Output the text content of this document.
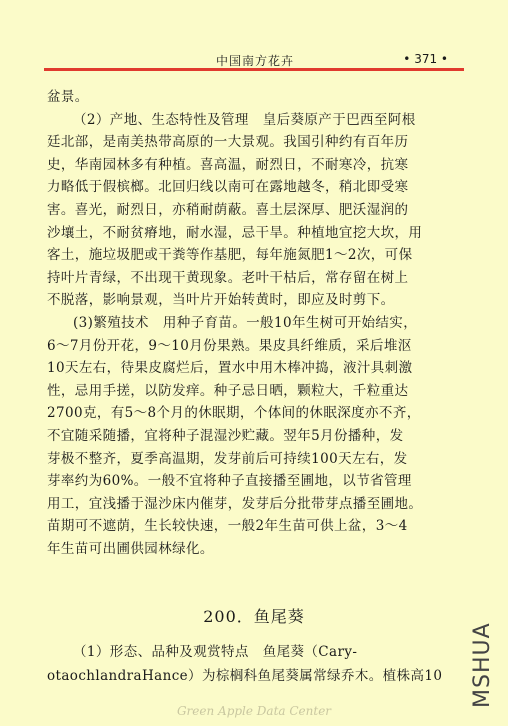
中国南方花卉	• 371 •

盆景。

（2）产地、生态特性及管理　皇后葵原产于巴西至阿根

廷北部，是南美热带高原的一大景观。我国引种约有百年历

史，华南园林多有种植。喜高温，耐烈日，不耐寒冷，抗寒

力略低于假槟榔。北回归线以南可在露地越冬，稍北即受寒

害。喜光，耐烈日，亦稍耐荫蔽。喜土层深厚、肥沃湿润的

沙壤土，不耐贫瘠地，耐水湿，忌干旱。种植地宜挖大坎，用

客土，施垃圾肥或干粪等作基肥，每年施氮肥1～2次，可保

持叶片青绿，不出现干黄现象。老叶干枯后，常存留在树上

不脱落，影响景观，当叶片开始转黄时，即应及时剪下。

(3)繁殖技术　用种子育苗。一般10年生树可开始结实，

6～7月份开花，9～10月份果熟。果皮具纤维质，采后堆沤

10天左右，待果皮腐烂后，置水中用木棒冲捣，液汁具刺激

性，忌用手搓，以防发痒。种子忌日晒，颗粒大，千粒重达

2700克，有5～8个月的休眠期，个体间的休眠深度亦不齐，

不宜随采随播，宜将种子混湿沙贮藏。翌年5月份播种，发

芽极不整齐，夏季高温期，发芽前后可持续100天左右，发

芽率约为60%。一般不宜将种子直接播至圃地，以节省管理

用工，宜浅播于湿沙床内催芽，发芽后分批带芽点播至圃地。

苗期可不遮荫，生长较快速，一般2年生苗可供上盆，3～4

年生苗可出圃供园林绿化。

200．鱼尾葵

（1）形态、品种及观赏特点　鱼尾葵（Cary-

otaochlandraHance）为棕榈科鱼尾葵属常绿乔木。植株高10	MSHUA
Green Apple Data Center
